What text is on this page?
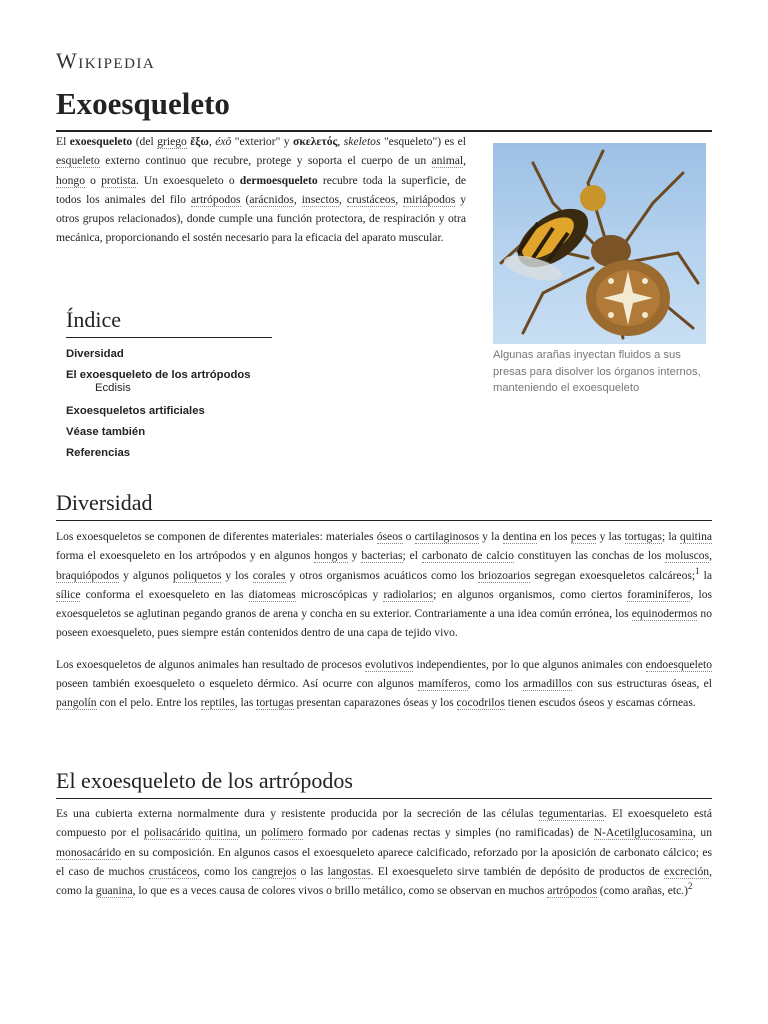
Wikipedia
Exoesqueleto

El exoesqueleto (del griego ἔξω, éxō "exterior" y σκελετός, skeletos "esqueleto") es el esqueleto externo continuo que recubre, protege y soporta el cuerpo de un animal, hongo o protista. Un exoesqueleto o dermoesqueleto recubre toda la superficie, de todos los animales del filo artrópodos (arácnidos, insectos, crustáceos, miriápodos y otros grupos relacionados), donde cumple una función protectora, de respiración y otra mecánica, proporcionando el sostén necesario para la eficacia del aparato muscular.

Algunas arañas inyectan fluidos a sus presas para disolver los órganos internos, manteniendo el exoesqueleto
Índice
Diversidad
El exoesqueleto de los artrópodos
Ecdisis
Exoesqueletos artificiales
Véase también
Referencias
Diversidad

Los exoesqueletos se componen de diferentes materiales: materiales óseos o cartilaginosos y la dentina en los peces y las tortugas; la quitina forma el exoesqueleto en los artrópodos y en algunos hongos y bacterias; el carbonato de calcio constituyen las conchas de los moluscos, braquiópodos y algunos poliquetos y los corales y otros organismos acuáticos como los briozoarios segregan exoesqueletos calcáreos;$^1$ la sílice conforma el exoesqueleto en las diatomeas microscópicas y radiolarios; en algunos organismos, como ciertos foraminíferos, los exoesqueletos se aglutinan pegando granos de arena y concha en su exterior. Contrariamente a una idea común errónea, los equinodermos no poseen exoesqueleto, pues siempre están contenidos dentro de una capa de tejido vivo.

Los exoesqueletos de algunos animales han resultado de procesos evolutivos independientes, por lo que algunos animales con endoesqueleto poseen también exoesqueleto o esqueleto dérmico. Así ocurre con algunos mamíferos, como los armadillos con sus estructuras óseas, el pangolín con el pelo. Entre los reptiles, las tortugas presentan caparazones óseas y los cocodrilos tienen escudos óseos y escamas córneas.

El exoesqueleto de los artrópodos

Es una cubierta externa normalmente dura y resistente producida por la secreción de las células tegumentarias. El exoesqueleto está compuesto por el polisacárido quitina, un polímero formado por cadenas rectas y simples (no ramificadas) de N-Acetilglucosamina, un monosacárido en su composición. En algunos casos el exoesqueleto aparece calcificado, reforzado por la aposición de carbonato cálcico; es el caso de muchos crustáceos, como los cangrejos o las langostas. El exoesqueleto sirve también de depósito de productos de excreción, como la guanina, lo que es a veces causa de colores vivos o brillo metálico, como se observan en muchos artrópodos (como arañas, etc.)$^2$
